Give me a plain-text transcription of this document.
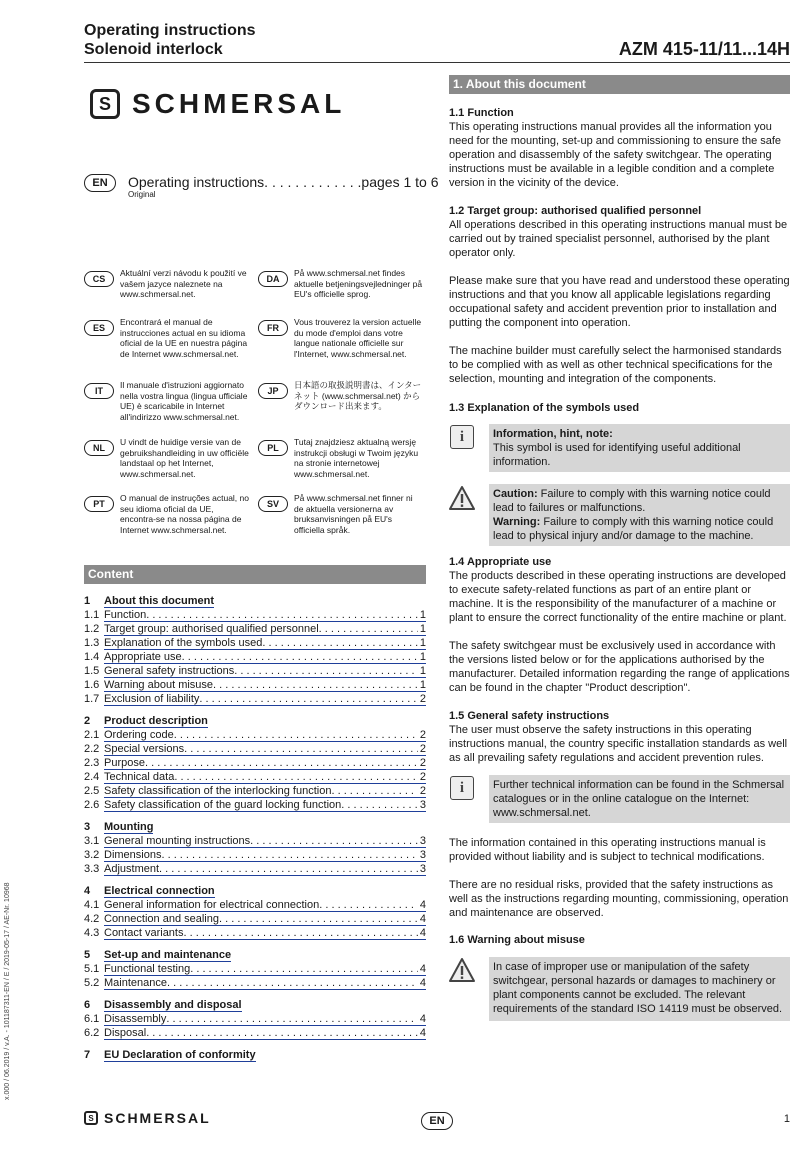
Operating instructions
Solenoid interlock	AZM 415-11/11...14H
S SCHMERSAL
EN	Operating instructions. . . . . . . . . . . . .pages 1 to 6
Original
CS
Aktuální verzi návodu k použití ve vašem jazyce naleznete na www.schmersal.net.
DA
På www.schmersal.net findes aktuelle betjeningsvejledninger på EU's officielle sprog.
ES
Encontrará el manual de instrucciones actual en su idioma oficial de la UE en nuestra página de Internet www.schmersal.net.
FR
Vous trouverez la version actuelle du mode d'emploi dans votre langue nationale officielle sur l'Internet, www.schmersal.net.
IT
Il manuale d'istruzioni aggiornato nella vostra lingua (lingua ufficiale UE) è scaricabile in Internet all'indirizzo www.schmersal.net.
JP
日本語の取扱説明書は、インターネット (www.schmersal.net) からダウンロード出来ます。
NL
U vindt de huidige versie van de gebruikshandleiding in uw officiële landstaal op het Internet, www.schmersal.net.
PL
Tutaj znajdziesz aktualną wersję instrukcji obsługi w Twoim języku na stronie internetowej www.schmersal.net.
PT
O manual de instruções actual, no seu idioma oficial da UE, encontra-se na nossa página de Internet www.schmersal.net.
SV
På www.schmersal.net finner ni de aktuella versionerna av bruksanvisningen på EU's officiella språk.
Content
1	About this document
1.1 Function . . .	1
1.2 Target group: authorised qualified personnel . . .	1
1.3 Explanation of the symbols used . . .	1
1.4 Appropriate use . . .	1
1.5 General safety instructions . . .	1
1.6 Warning about misuse . . .	1
1.7 Exclusion of liability . . .	2
2	Product description
2.1 Ordering code . . .	2
2.2 Special versions . . .	2
2.3 Purpose . . .	2
2.4 Technical data . . .	2
2.5 Safety classification of the interlocking function . . .	2
2.6 Safety classification of the guard locking function . . .	3
3	Mounting
3.1 General mounting instructions . . .	3
3.2 Dimensions . . .	3
3.3 Adjustment . . .	3
4	Electrical connection
4.1 General information for electrical connection . . .	4
4.2 Connection and sealing . . .	4
4.3 Contact variants . . .	4
5	Set-up and maintenance
5.1 Functional testing . . .	4
5.2 Maintenance . . .	4
6	Disassembly and disposal
6.1 Disassembly . . .	4
6.2 Disposal . . .	4
7	EU Declaration of conformity
1. About this document
1.1 Function
This operating instructions manual provides all the information you need for the mounting, set-up and commissioning to ensure the safe operation and disassembly of the safety switchgear. The operating instructions must be available in a legible condition and a complete version in the vicinity of the device.
1.2 Target group: authorised qualified personnel
All operations described in this operating instructions manual must be carried out by trained specialist personnel, authorised by the plant operator only.
Please make sure that you have read and understood these operating instructions and that you know all applicable legislations regarding occupational safety and accident prevention prior to installation and putting the component into operation.
The machine builder must carefully select the harmonised standards to be complied with as well as other technical specifications for the selection, mounting and integration of the components.
1.3 Explanation of the symbols used
i	Information, hint, note:
This symbol is used for identifying useful additional information.
Caution: Failure to comply with this warning notice could lead to failures or malfunctions.
Warning: Failure to comply with this warning notice could lead to physical injury and/or damage to the machine.
1.4 Appropriate use
The products described in these operating instructions are developed to execute safety-related functions as part of an entire plant or machine. It is the responsibility of the manufacturer of a machine or plant to ensure the correct functionality of the entire machine or plant.
The safety switchgear must be exclusively used in accordance with the versions listed below or for the applications authorised by the manufacturer. Detailed information regarding the range of applications can be found in the chapter "Product description".
1.5 General safety instructions
The user must observe the safety instructions in this operating instructions manual, the country specific installation standards as well as all prevailing safety regulations and accident prevention rules.
i	Further technical information can be found in the Schmersal catalogues or in the online catalogue on the Internet: www.schmersal.net.
The information contained in this operating instructions manual is provided without liability and is subject to technical modifications.
There are no residual risks, provided that the safety instructions as well as the instructions regarding mounting, commissioning, operation and maintenance are observed.
1.6 Warning about misuse
In case of improper use or manipulation of the safety switchgear, personal hazards or damages to machinery or plant components cannot be excluded. The relevant requirements of the standard ISO 14119 must be observed.
x.000 / 06.2019 / v.A. - 101187311-EN / E / 2019-05-17 / AE-Nr. 10968
S SCHMERSAL	EN	1
